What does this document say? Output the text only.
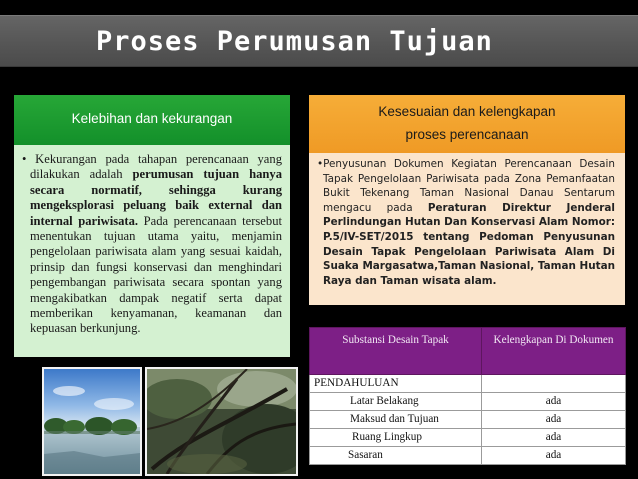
Proses Perumusan Tujuan
Kelebihan dan kekurangan

• Kekurangan pada tahapan perencanaan yang dilakukan adalah perumusan tujuan hanya secara normatif, sehingga kurang mengeksplorasi peluang baik external dan internal pariwisata. Pada perencanaan tersebut menentukan tujuan utama yaitu, menjamin pengelolaan pariwisata alam yang sesuai kaidah, prinsip dan fungsi konservasi dan menghindari pengembangan pariwisata secara spontan yang mengakibatkan dampak negatif serta dapat memberikan kenyamanan, keamanan dan kepuasan berkunjung.

Kesesuaian dan kelengkapan
proses perencanaan

•Penyusunan Dokumen Kegiatan Perencanaan Desain Tapak Pengelolaan Pariwisata pada Zona Pemanfaatan Bukit Tekenang Taman Nasional Danau Sentarum mengacu pada Peraturan Direktur Jenderal Perlindungan Hutan Dan Konservasi Alam Nomor: P.5/IV-SET/2015 tentang Pedoman Penyusunan Desain Tapak Pengelolaan Pariwisata Alam Di Suaka Margasatwa,Taman Nasional, Taman Hutan Raya dan Taman wisata alam.

Substansi Desain Tapak	Kelengkapan Di Dokumen
PENDAHULUAN	
Latar Belakang	ada
Maksud dan Tujuan	ada
Ruang Lingkup	ada
Sasaran	ada
